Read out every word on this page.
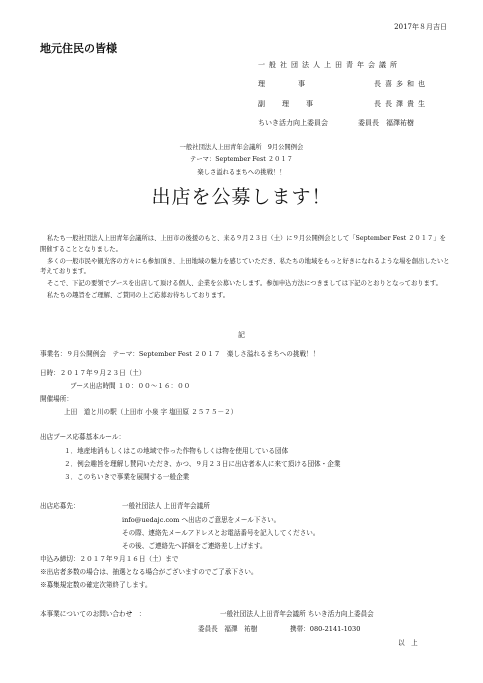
2017年８月吉日
地元住民の皆様
一般社団法人上田青年会議所
理　　　　事	長喜多和也
副　　理　　事	長長澤貴生
ちいき活力向上委員会	委員長　福澤祐樹
一般社団法人上田青年会議所　9月公開例会
テーマ：September Fest ２０１７
楽しさ溢れるまちへの挑戦！！
出店を公募します！

私たち一般社団法人上田青年会議所は、上田市の後援のもと、来る９月２３日（土）に９月公開例会として「September Fest ２０１７」を開催することとなりました。

多くの一般市民や観光客の方々にも参加頂き、上田地域の魅力を感じていただき、私たちの地域をもっと好きになれるような場を創出したいと考えております。

そこで、下記の要領でブースを出店して頂ける個人、企業を公募いたします。参加申込方法につきましては下記のとおりとなっております。

私たちの趣旨をご理解、ご賛同の上ご応募お待ちしております。

記
事業名：９月公開例会　テーマ：September Fest ２０１７　楽しさ溢れるまちへの挑戦！！
日時：２０１７年９月２３日（土）
ブース出店時間 １０：００～１６：００
開催場所：
上田　道と川の駅（上田市 小泉 字 塩田原 ２５７５－２）
出店ブース応募基本ルール：
１．地産地消もしくはこの地域で作った作物もしくは物を使用している団体
２．例会趣旨を理解し賛同いただき、かつ、９月２３日に出店者本人に来て頂ける団体・企業
３．このちいきで事業を展開する一般企業
出店応募先：	一般社団法人 上田青年会議所
info@uedajc.com へ出店のご意思をメール下さい。
その際、連絡先メールアドレスとお電話番号を記入してください。
その後、ご連絡先へ詳細をご連絡差し上げます。
申込み締切：２０１７年９月１６日（土）まで
※出店者多数の場合は、抽選となる場合がございますのでご了承下さい。
※募集規定数の確定次第終了します。
本事業についてのお問い合わせ　：	一般社団法人上田青年会議所 ちいき活力向上委員会
委員長　福澤　祐樹	携帯：080-2141-1030
以　上
